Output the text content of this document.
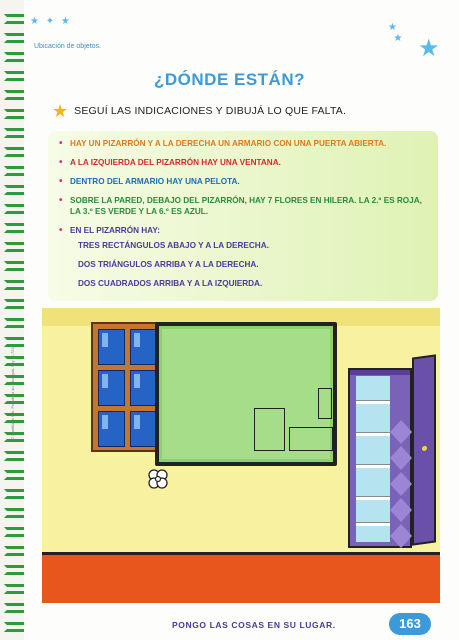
★ ✦ ★
Ubicación de objetos.
★
★ ★
¿DÓNDE ESTÁN?
★ SEGUÍ LAS INDICACIONES Y DIBUJÁ LO QUE FALTA.
• HAY UN PIZARRÓN Y A LA DERECHA UN ARMARIO CON UNA PUERTA ABIERTA.
• A LA IZQUIERDA DEL PIZARRÓN HAY UNA VENTANA.
• DENTRO DEL ARMARIO HAY UNA PELOTA.
• SOBRE LA PARED, DEBAJO DEL PIZARRÓN, HAY 7 FLORES EN HILERA. LA 2.º ES ROJA, LA 3.º ES VERDE Y LA 6.º ES AZUL.
• EN EL PIZARRÓN HAY:
TRES RECTÁNGULOS ABAJO Y A LA DERECHA.
DOS TRIÁNGULOS ARRIBA Y A LA DERECHA.
DOS CUADRADOS ARRIBA Y A LA IZQUIERDA.
© Santillana S.A. Prohibida su fotocopia. Ley 11.723
PONGO LAS COSAS EN SU LUGAR.	163
